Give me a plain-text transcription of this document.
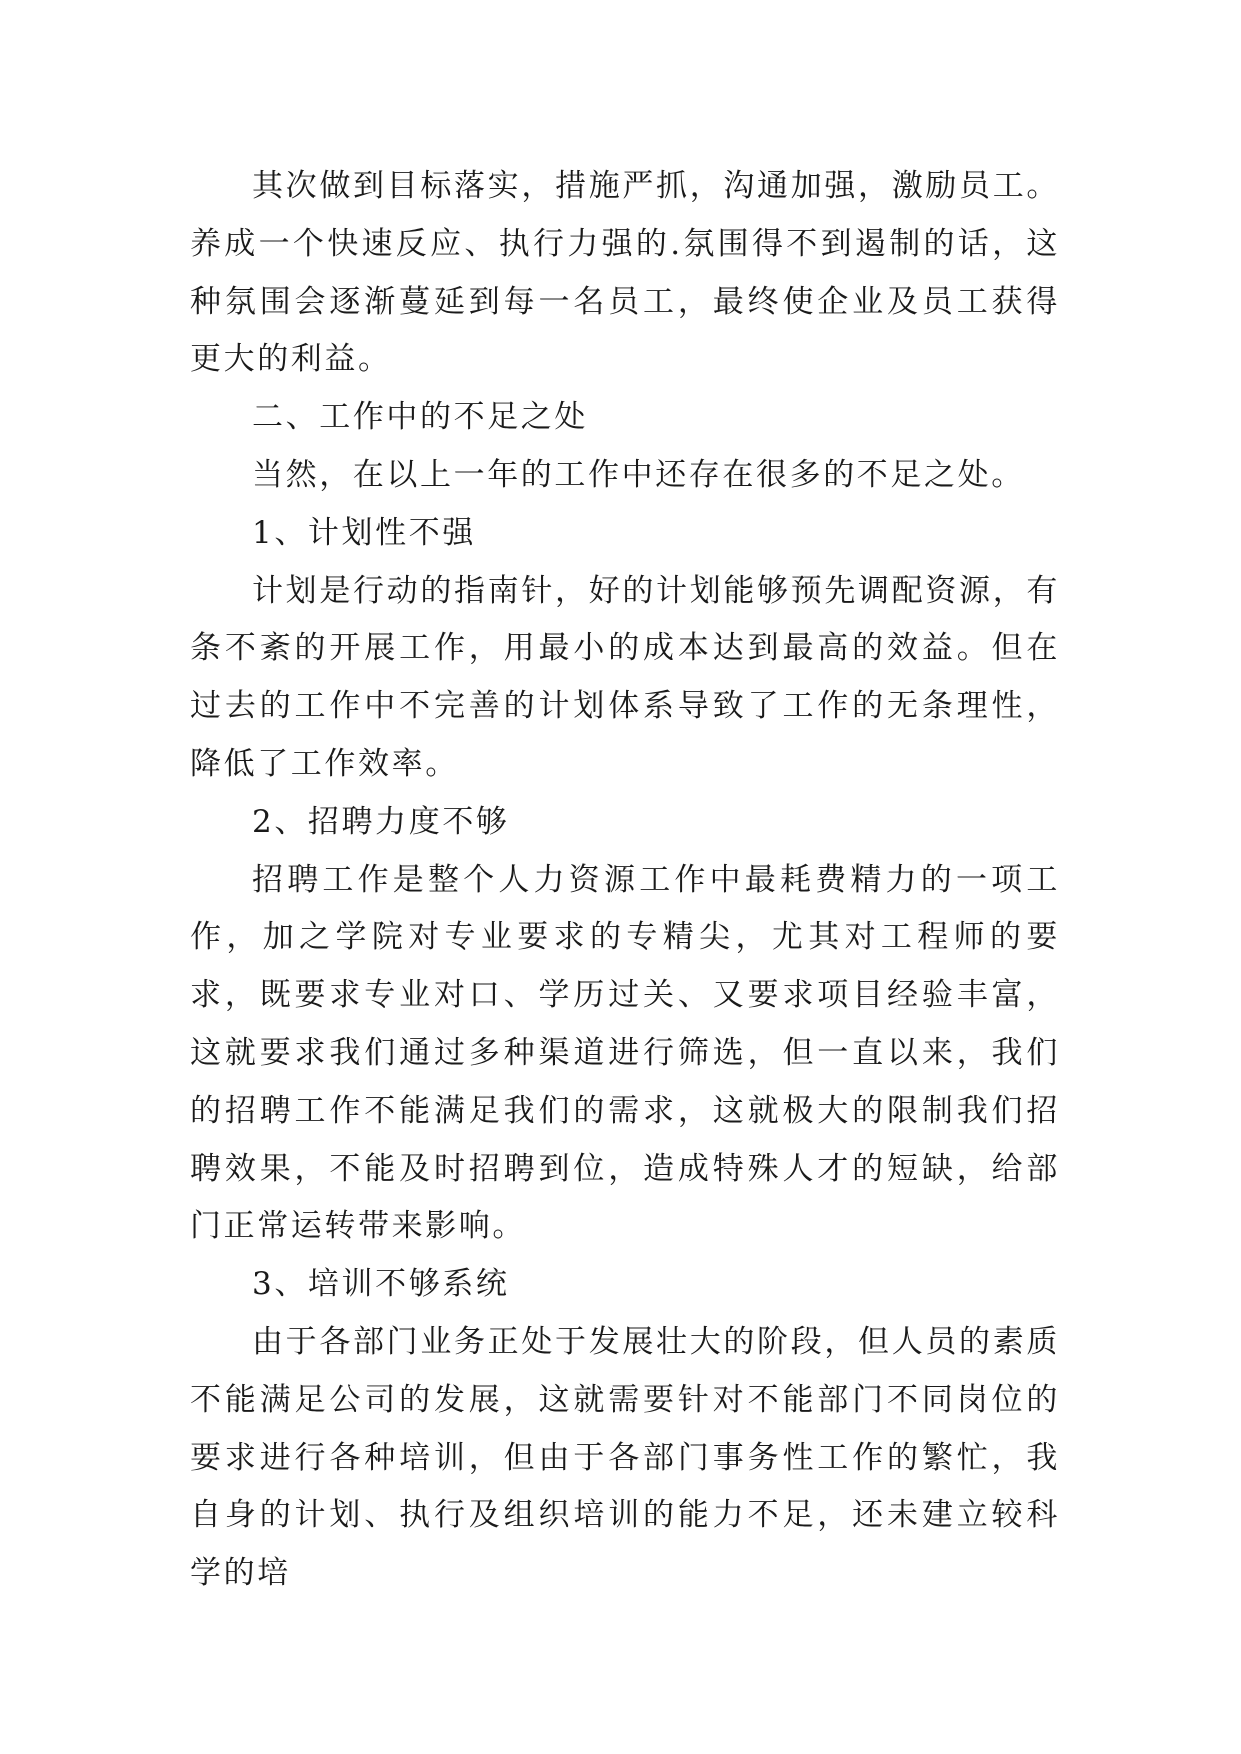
其次做到目标落实，措施严抓，沟通加强，激励员工。养成一个快速反应、执行力强的.氛围得不到遏制的话，这种氛围会逐渐蔓延到每一名员工，最终使企业及员工获得更大的利益。

二、工作中的不足之处

当然，在以上一年的工作中还存在很多的不足之处。

1、计划性不强

计划是行动的指南针，好的计划能够预先调配资源，有条不紊的开展工作，用最小的成本达到最高的效益。但在过去的工作中不完善的计划体系导致了工作的无条理性，降低了工作效率。

2、招聘力度不够

招聘工作是整个人力资源工作中最耗费精力的一项工作，加之学院对专业要求的专精尖，尤其对工程师的要求，既要求专业对口、学历过关、又要求项目经验丰富，这就要求我们通过多种渠道进行筛选，但一直以来，我们的招聘工作不能满足我们的需求，这就极大的限制我们招聘效果，不能及时招聘到位，造成特殊人才的短缺，给部门正常运转带来影响。

3、培训不够系统

由于各部门业务正处于发展壮大的阶段，但人员的素质不能满足公司的发展，这就需要针对不能部门不同岗位的要求进行各种培训，但由于各部门事务性工作的繁忙，我自身的计划、执行及组织培训的能力不足，还未建立较科学的培
